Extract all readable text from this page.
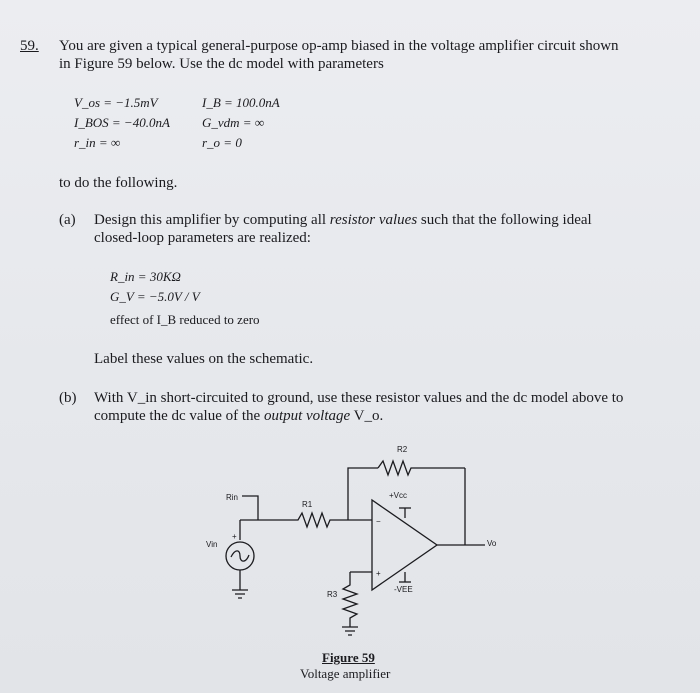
59. You are given a typical general-purpose op-amp biased in the voltage amplifier circuit shown
in Figure 59 below. Use the dc model with parameters
V_os = −1.5mV	I_B = 100.0nA
I_BOS = −40.0nA G_vdm = ∞
r_in = ∞	r_o = 0
to do the following.
(a) Design this amplifier by computing all resistor values such that the following ideal
closed-loop parameters are realized:
R_in = 30KΩ
G_V = −5.0V / V
effect of I_B reduced to zero
Label these values on the schematic.
(b) With V_in short-circuited to ground, use these resistor values and the dc model above to
compute the dc value of the output voltage V_o.
R2
Rin
R1
R3
+Vcc
-VEE
Vo
Vin
+
−
+
Figure 59
Voltage amplifier
